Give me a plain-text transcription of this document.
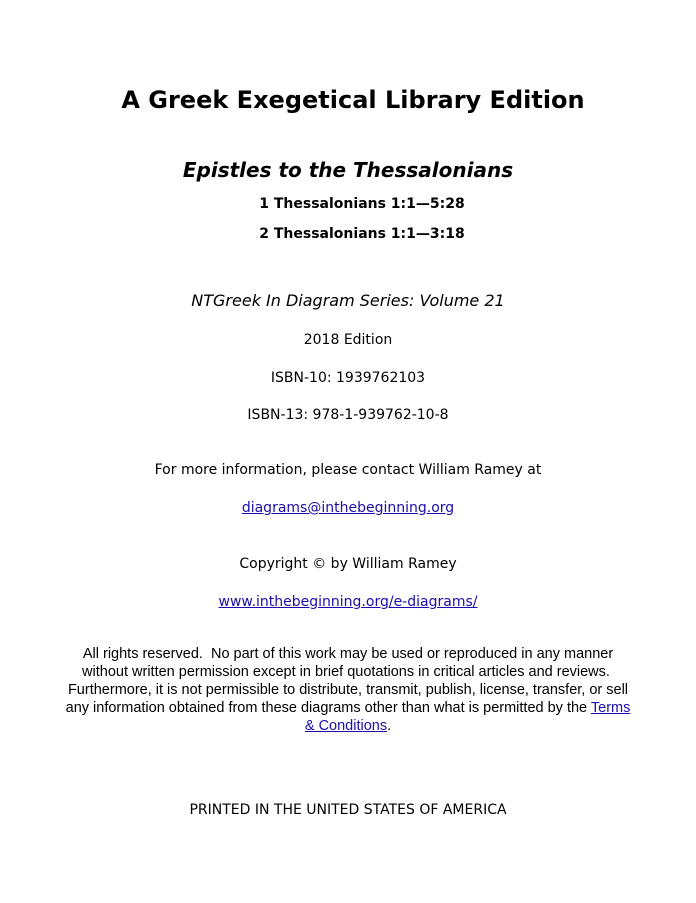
A Greek Exegetical Library Edition
Epistles to the Thessalonians
1 Thessalonians 1:1—5:28
2 Thessalonians 1:1—3:18
NTGreek In Diagram Series: Volume 21
2018 Edition
ISBN-10: 1939762103
ISBN-13: 978-1-939762-10-8
For more information, please contact William Ramey at
diagrams@inthebeginning.org
Copyright © by William Ramey
www.inthebeginning.org/e-diagrams/

All rights reserved.  No part of this work may be used or reproduced in any manner without written permission except in brief quotations in critical articles and reviews.  Furthermore, it is not permissible to distribute, transmit, publish, license, transfer, or sell any information obtained from these diagrams other than what is permitted by the Terms & Conditions.

PRINTED IN THE UNITED STATES OF AMERICA
